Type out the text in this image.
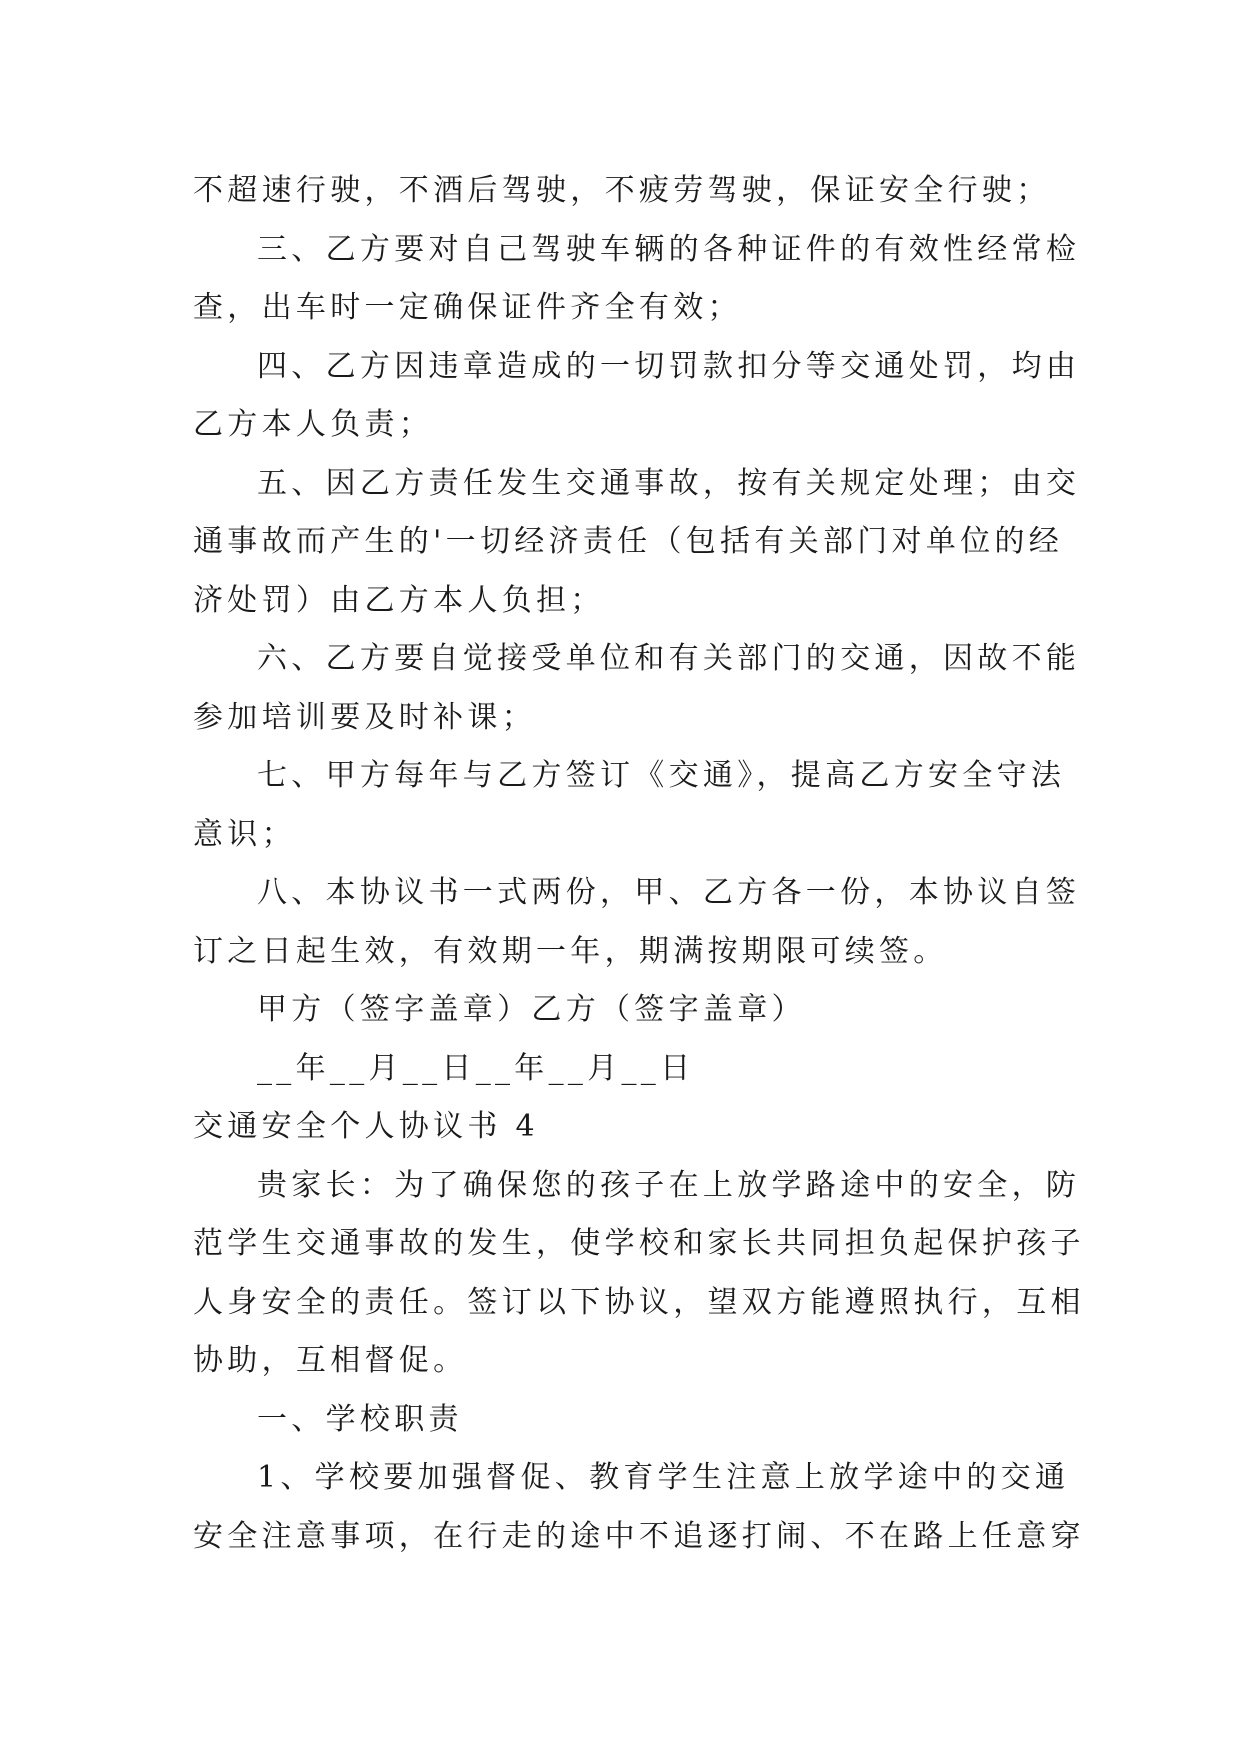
不超速行驶，不酒后驾驶，不疲劳驾驶，保证安全行驶；
三、乙方要对自己驾驶车辆的各种证件的有效性经常检
查，出车时一定确保证件齐全有效；
四、乙方因违章造成的一切罚款扣分等交通处罚，均由
乙方本人负责；
五、因乙方责任发生交通事故，按有关规定处理；由交
通事故而产生的'一切经济责任（包括有关部门对单位的经
济处罚）由乙方本人负担；
六、乙方要自觉接受单位和有关部门的交通，因故不能
参加培训要及时补课；
七、甲方每年与乙方签订《交通》，提高乙方安全守法
意识；
八、本协议书一式两份，甲、乙方各一份，本协议自签
订之日起生效，有效期一年，期满按期限可续签。
甲方（签字盖章）乙方（签字盖章）
__年__月__日__年__月__日
交通安全个人协议书 4
贵家长：为了确保您的孩子在上放学路途中的安全，防
范学生交通事故的发生，使学校和家长共同担负起保护孩子
人身安全的责任。签订以下协议，望双方能遵照执行，互相
协助，互相督促。
一、学校职责
1、学校要加强督促、教育学生注意上放学途中的交通
安全注意事项，在行走的途中不追逐打闹、不在路上任意穿
